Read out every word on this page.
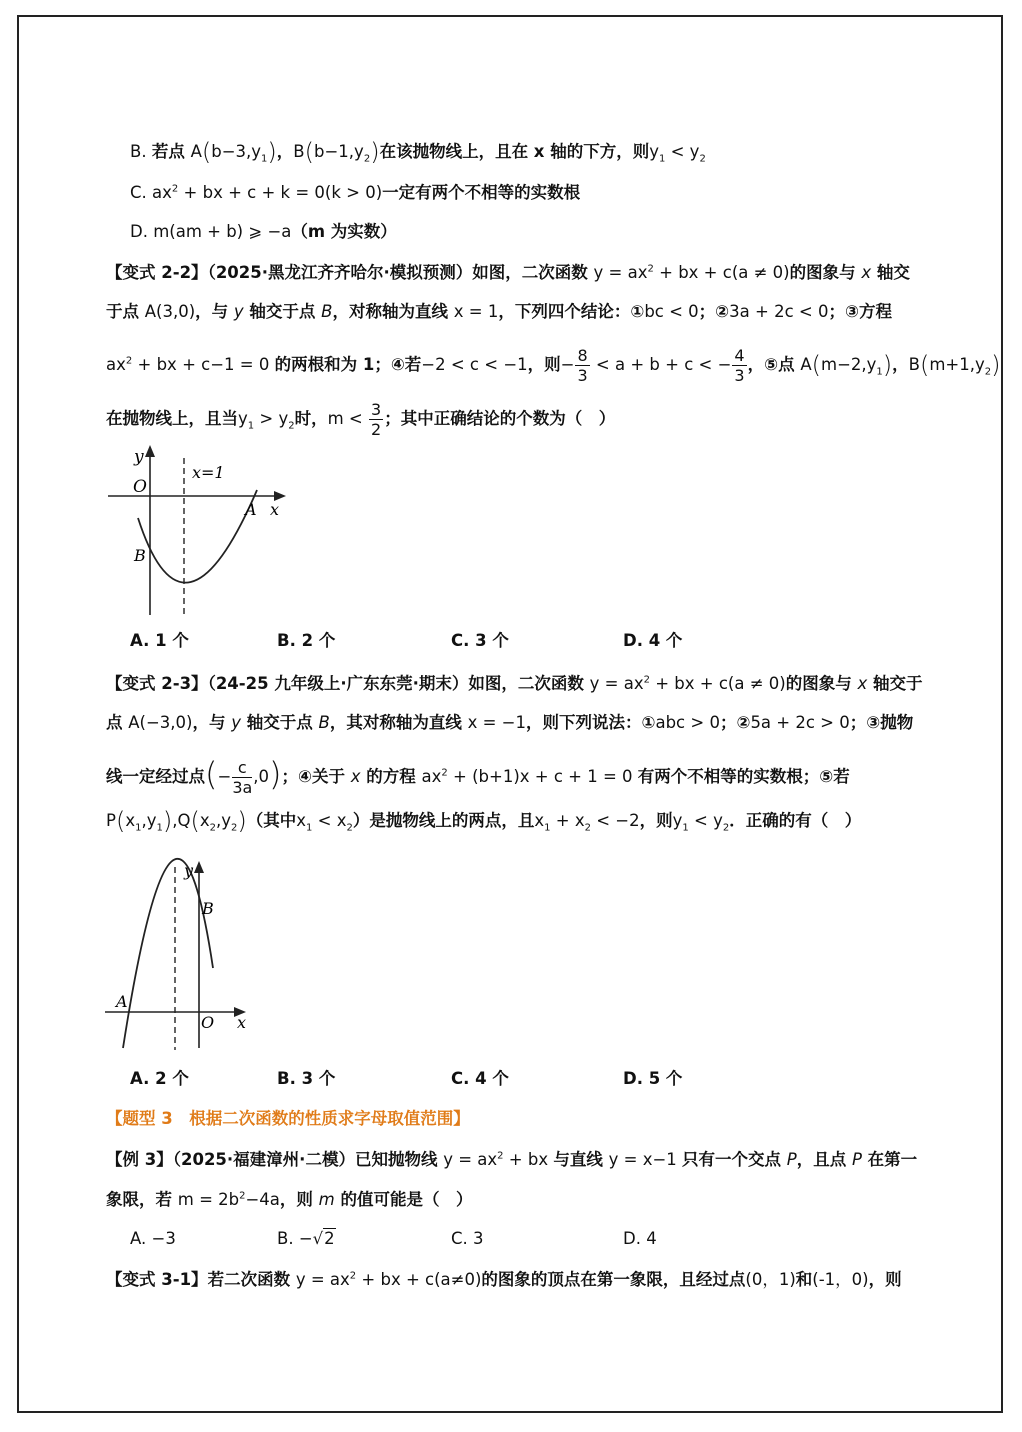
B. 若点 $A(b-3,y_1)$，$B(b-1,y_2)$在该抛物线上，且在 x 轴的下方，则$y_1 < y_2$
C. $ax^2$ + bx + c + k = 0(k > 0)一定有两个不相等的实数根
D. m(am + b) ⩾ −a（m 为实数）
【变式 2-2】（2025·黑龙江齐齐哈尔·模拟预测）如图，二次函数 $y = ax^2$ + bx + c(a ≠ 0)的图象与 x 轴交
于点 A(3,0)，与 y 轴交于点 B，对称轴为直线 x = 1，下列四个结论：①bc < 0；②3a + 2c < 0；③方程
$ax^2$ + bx + c−1 = 0 的两根和为 1；④若−2 < c < −1，则− $\frac{8}{3} < a + b + c$ < − $\frac{4}{3}$ ，⑤点 $A(m-2,y_1)$，$B(m+1,y_2)$
在抛物线上，且当$y_1 > y_2$时，$m < \frac{3}{2}$ ；其中正确结论的个数为（　）
y
O
x=1
A x
B
A. 1 个	B. 2 个	C. 3 个	D. 4 个
【变式 2-3】（24-25 九年级上·广东东莞·期末）如图，二次函数 $y = ax^2$ + bx + c(a ≠ 0)的图象与 x 轴交于
点 A(−3,0)，与 y 轴交于点 B，其对称轴为直线 x = −1，则下列说法：①abc > 0；②5a + 2c > 0；③抛物
线一定经过点(− $\frac{c}{3a} ,0$)；④关于 x 的方程 $ax^2 + (b+1)x + c + 1 = 0$ 有两个不相等的实数根；⑤若
$P(x_1,y_1),Q(x_2,y_2)$（其中$x_1 < x_2$）是抛物线上的两点，且$x_1 + x_2 < -2$，则$y_1 < y_2$．正确的有（　）
y
B
A
O x
A. 2 个	B. 3 个	C. 4 个	D. 5 个
【题型 3　根据二次函数的性质求字母取值范围】
【例 3】（2025·福建漳州·二模）已知抛物线 $y = ax^2$ + bx 与直线 y = x−1 只有一个交点 P，且点 P 在第一
象限，若 $m = 2b^2-4a$，则 m 的值可能是（　）
A. −3	B. −√2	C. 3	D. 4
【变式 3-1】若二次函数 $y = ax^2$ + bx + c(a≠0)的图象的顶点在第一象限，且经过点(0，1)和(-1，0)，则
